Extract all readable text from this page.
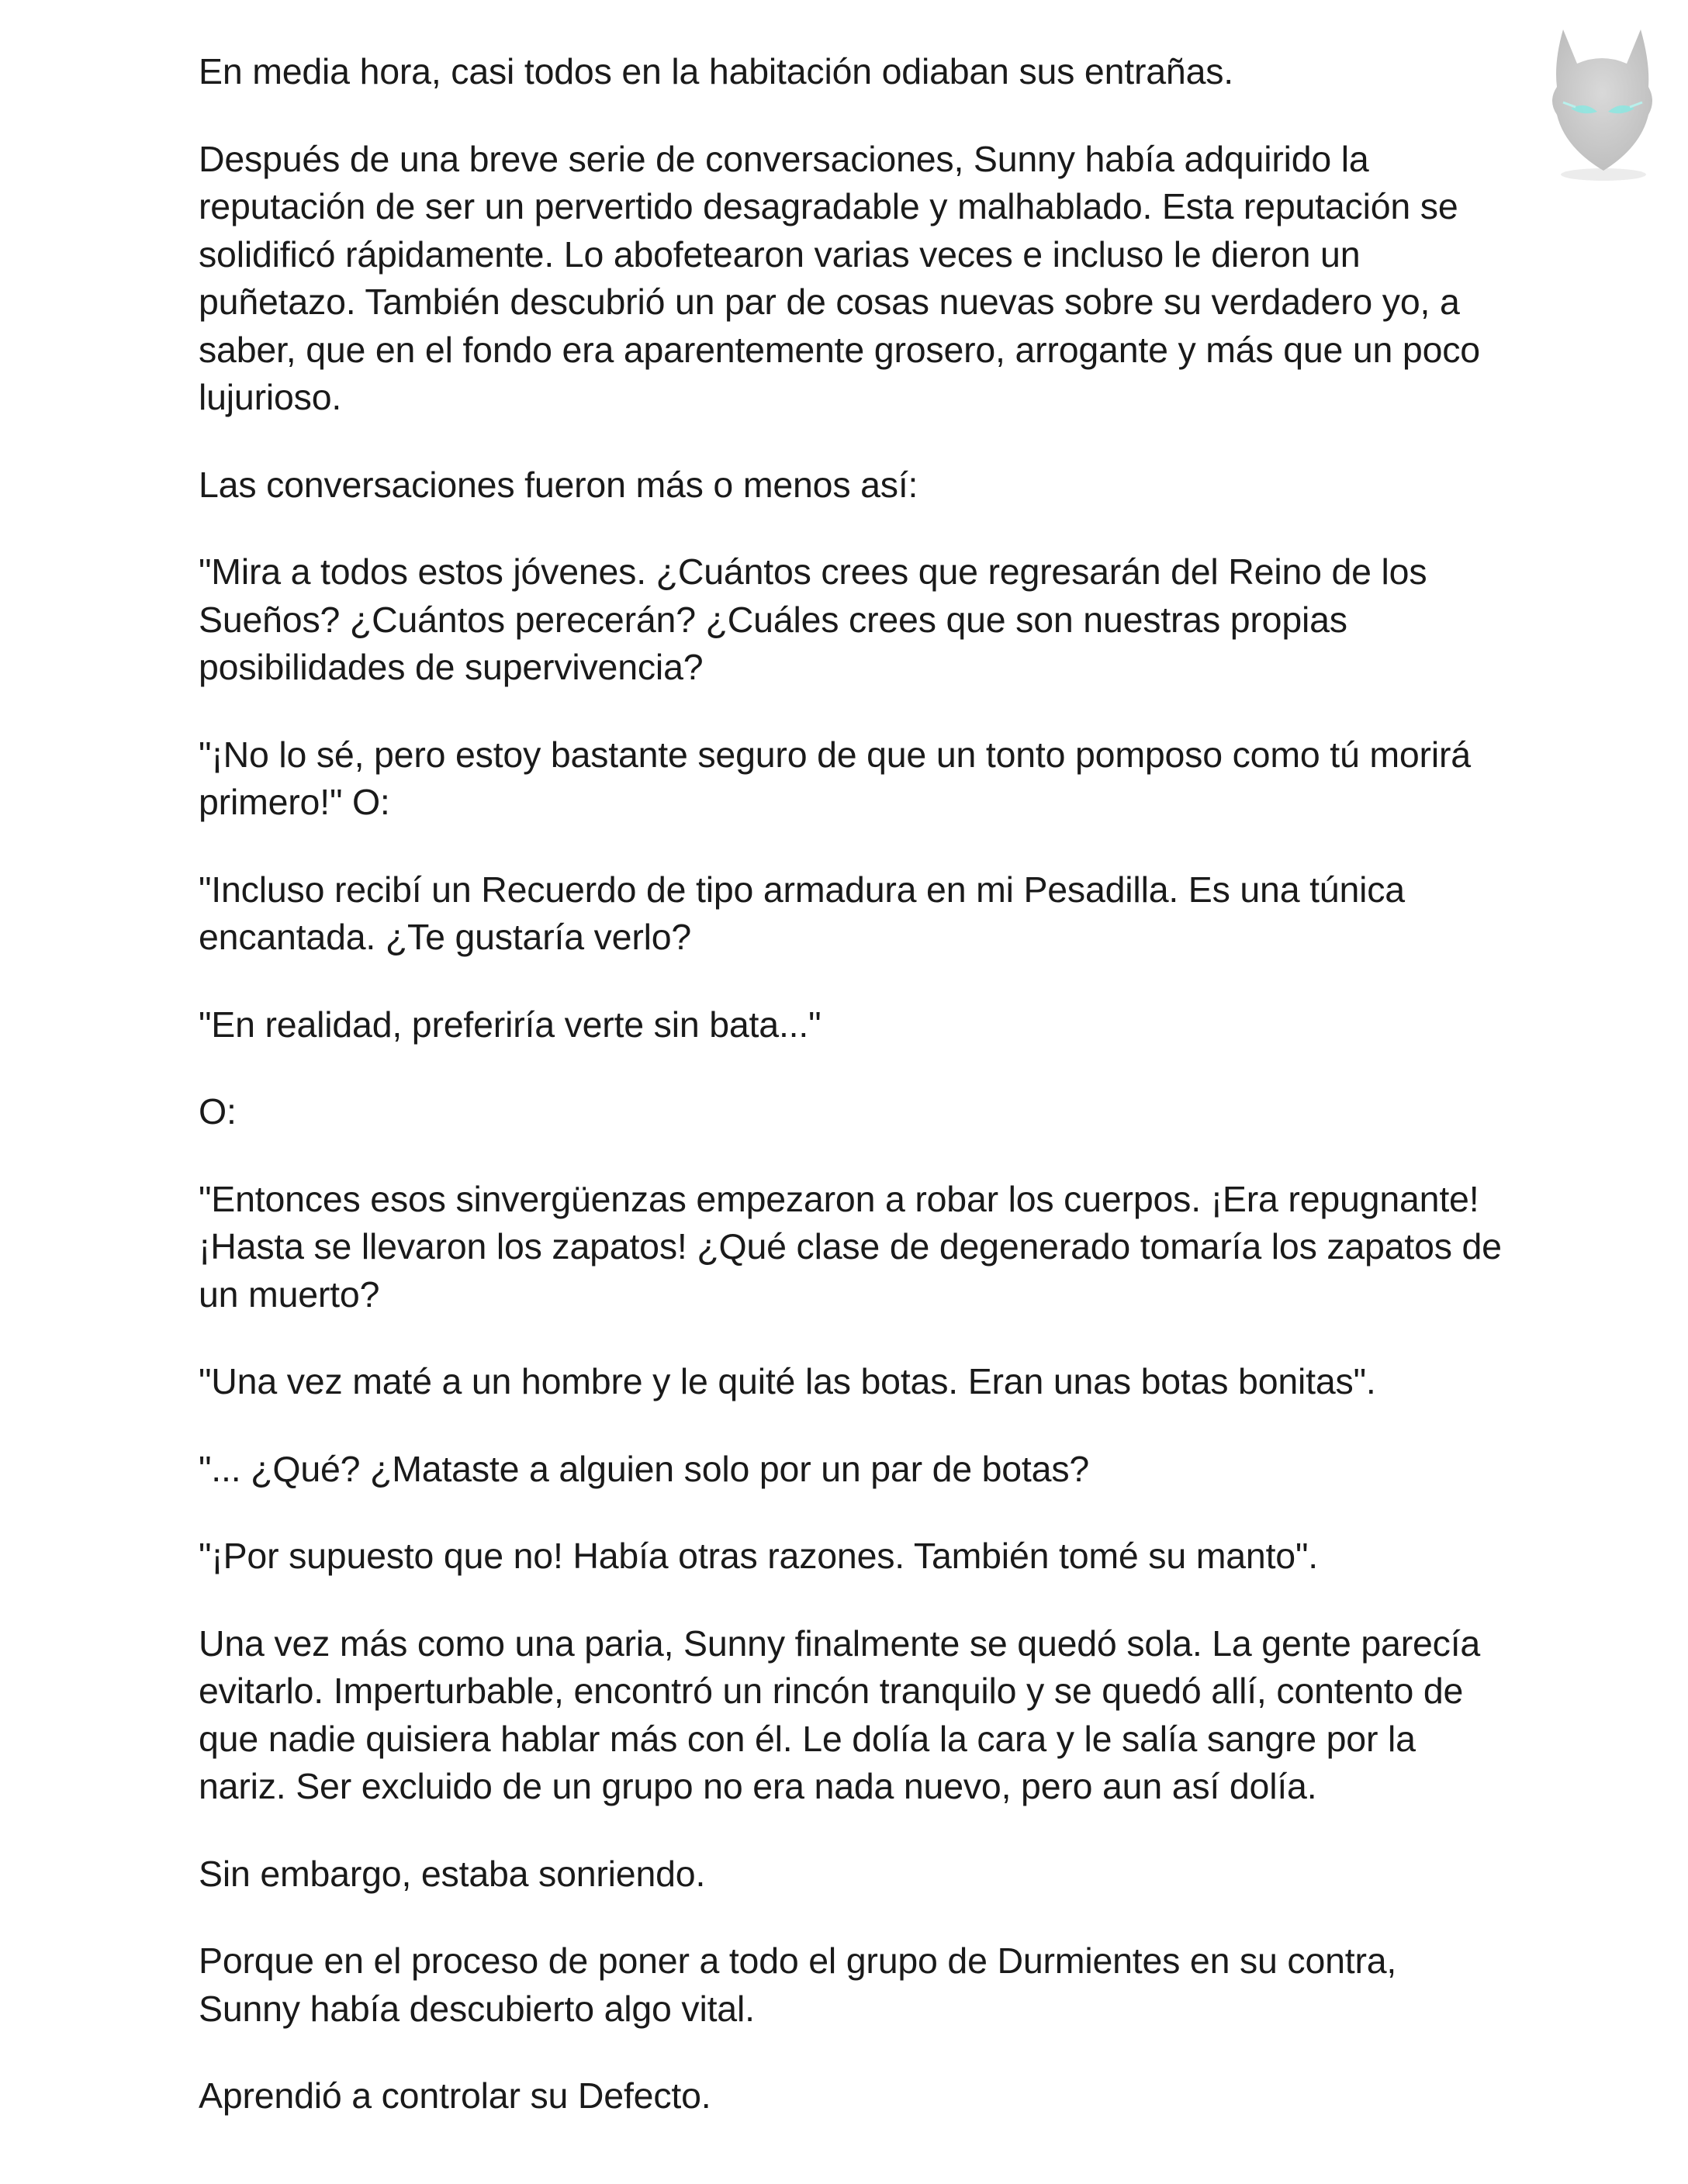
En media hora, casi todos en la habitación odiaban sus entrañas.

Después de una breve serie de conversaciones, Sunny había adquirido la reputación de ser un pervertido desagradable y malhablado. Esta reputación se solidificó rápidamente. Lo abofetearon varias veces e incluso le dieron un puñetazo. También descubrió un par de cosas nuevas sobre su verdadero yo, a saber, que en el fondo era aparentemente grosero, arrogante y más que un poco lujurioso.

Las conversaciones fueron más o menos así:

"Mira a todos estos jóvenes. ¿Cuántos crees que regresarán del Reino de los Sueños? ¿Cuántos perecerán? ¿Cuáles crees que son nuestras propias posibilidades de supervivencia?

"¡No lo sé, pero estoy bastante seguro de que un tonto pomposo como tú morirá primero!" O:

"Incluso recibí un Recuerdo de tipo armadura en mi Pesadilla. Es una túnica encantada. ¿Te gustaría verlo?

"En realidad, preferiría verte sin bata..."

O:

"Entonces esos sinvergüenzas empezaron a robar los cuerpos. ¡Era repugnante! ¡Hasta se llevaron los zapatos! ¿Qué clase de degenerado tomaría los zapatos de un muerto?

"Una vez maté a un hombre y le quité las botas. Eran unas botas bonitas".

"... ¿Qué? ¿Mataste a alguien solo por un par de botas?

"¡Por supuesto que no! Había otras razones. También tomé su manto".

Una vez más como una paria, Sunny finalmente se quedó sola. La gente parecía evitarlo. Imperturbable, encontró un rincón tranquilo y se quedó allí, contento de que nadie quisiera hablar más con él. Le dolía la cara y le salía sangre por la nariz. Ser excluido de un grupo no era nada nuevo, pero aun así dolía.

Sin embargo, estaba sonriendo.

Porque en el proceso de poner a todo el grupo de Durmientes en su contra, Sunny había descubierto algo vital.

Aprendió a controlar su Defecto.
